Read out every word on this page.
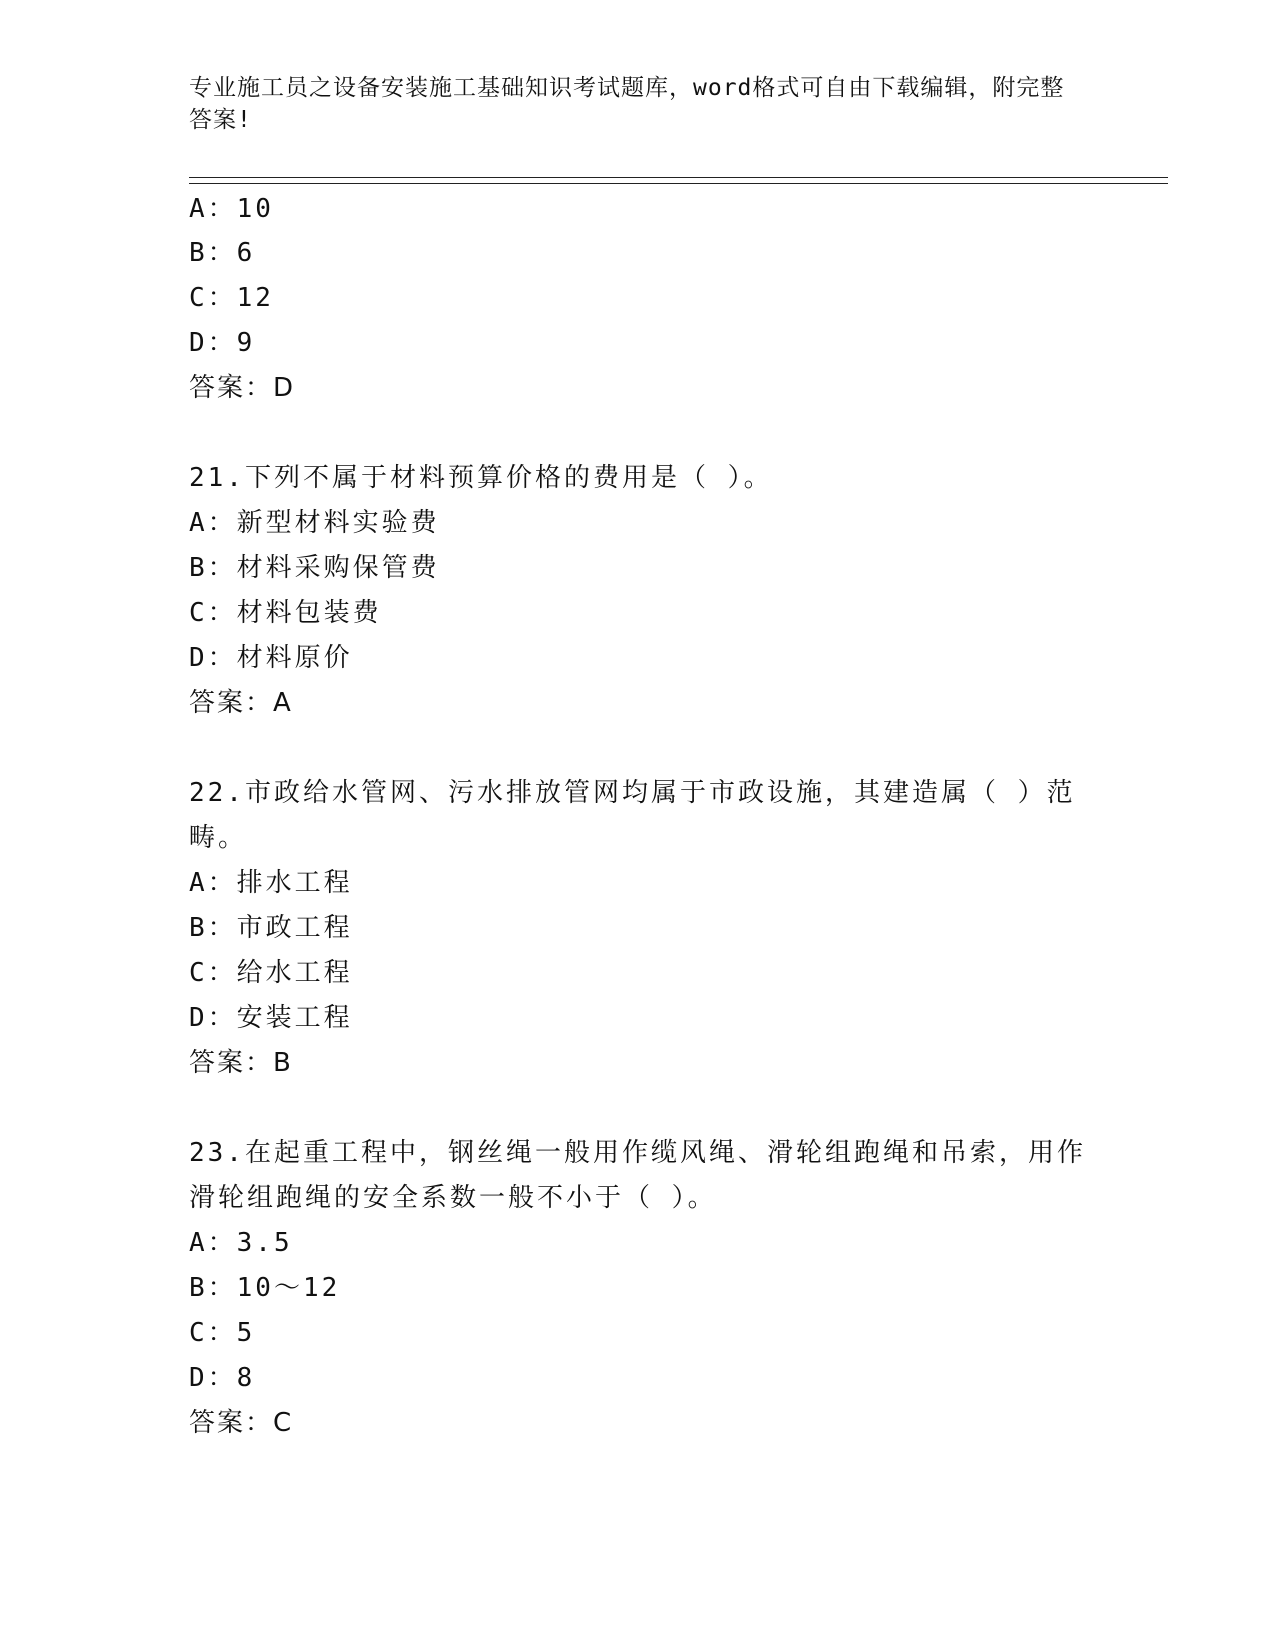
专业施工员之设备安装施工基础知识考试题库，word格式可自由下载编辑，附完整答案!
A：10
B：6
C：12
D：9
答案：D
21.下列不属于材料预算价格的费用是（ ）。
A：新型材料实验费
B：材料采购保管费
C：材料包装费
D：材料原价
答案：A
22.市政给水管网、污水排放管网均属于市政设施，其建造属（ ）范
畴。
A：排水工程
B：市政工程
C：给水工程
D：安装工程
答案：B
23.在起重工程中，钢丝绳一般用作缆风绳、滑轮组跑绳和吊索，用作
滑轮组跑绳的安全系数一般不小于（ ）。
A：3.5
B：10～12
C：5
D：8
答案：C
